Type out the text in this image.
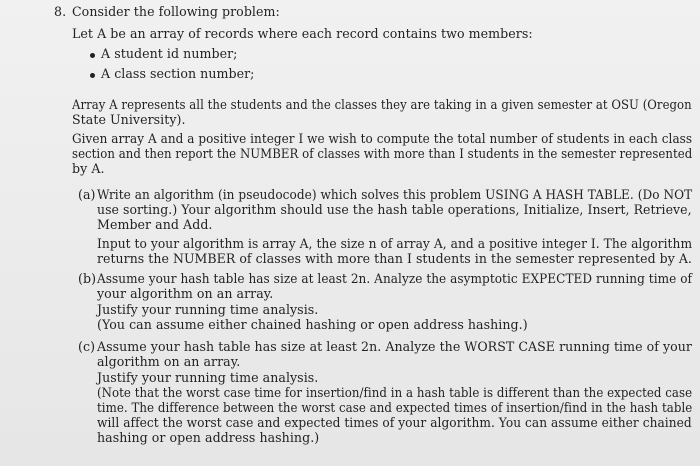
8. Consider the following problem:
Let A be an array of records where each record contains two members:
A student id number;
A class section number;
Array A represents all the students and the classes they are taking in a given semester at OSU (Oregon
State University).
Given array A and a positive integer I we wish to compute the total number of students in each class
section and then report the NUMBER of classes with more than I students in the semester represented
by A.
(a) Write an algorithm (in pseudocode) which solves this problem USING A HASH TABLE. (Do NOT
use sorting.) Your algorithm should use the hash table operations, Initialize, Insert, Retrieve,
Member and Add.
Input to your algorithm is array A, the size n of array A, and a positive integer I. The algorithm
returns the NUMBER of classes with more than I students in the semester represented by A.
(b) Assume your hash table has size at least 2n. Analyze the asymptotic EXPECTED running time of
your algorithm on an array.
Justify your running time analysis.
(You can assume either chained hashing or open address hashing.)
(c) Assume your hash table has size at least 2n. Analyze the WORST CASE running time of your
algorithm on an array.
Justify your running time analysis.
(Note that the worst case time for insertion/find in a hash table is different than the expected case
time. The difference between the worst case and expected times of insertion/find in the hash table
will affect the worst case and expected times of your algorithm. You can assume either chained
hashing or open address hashing.)
